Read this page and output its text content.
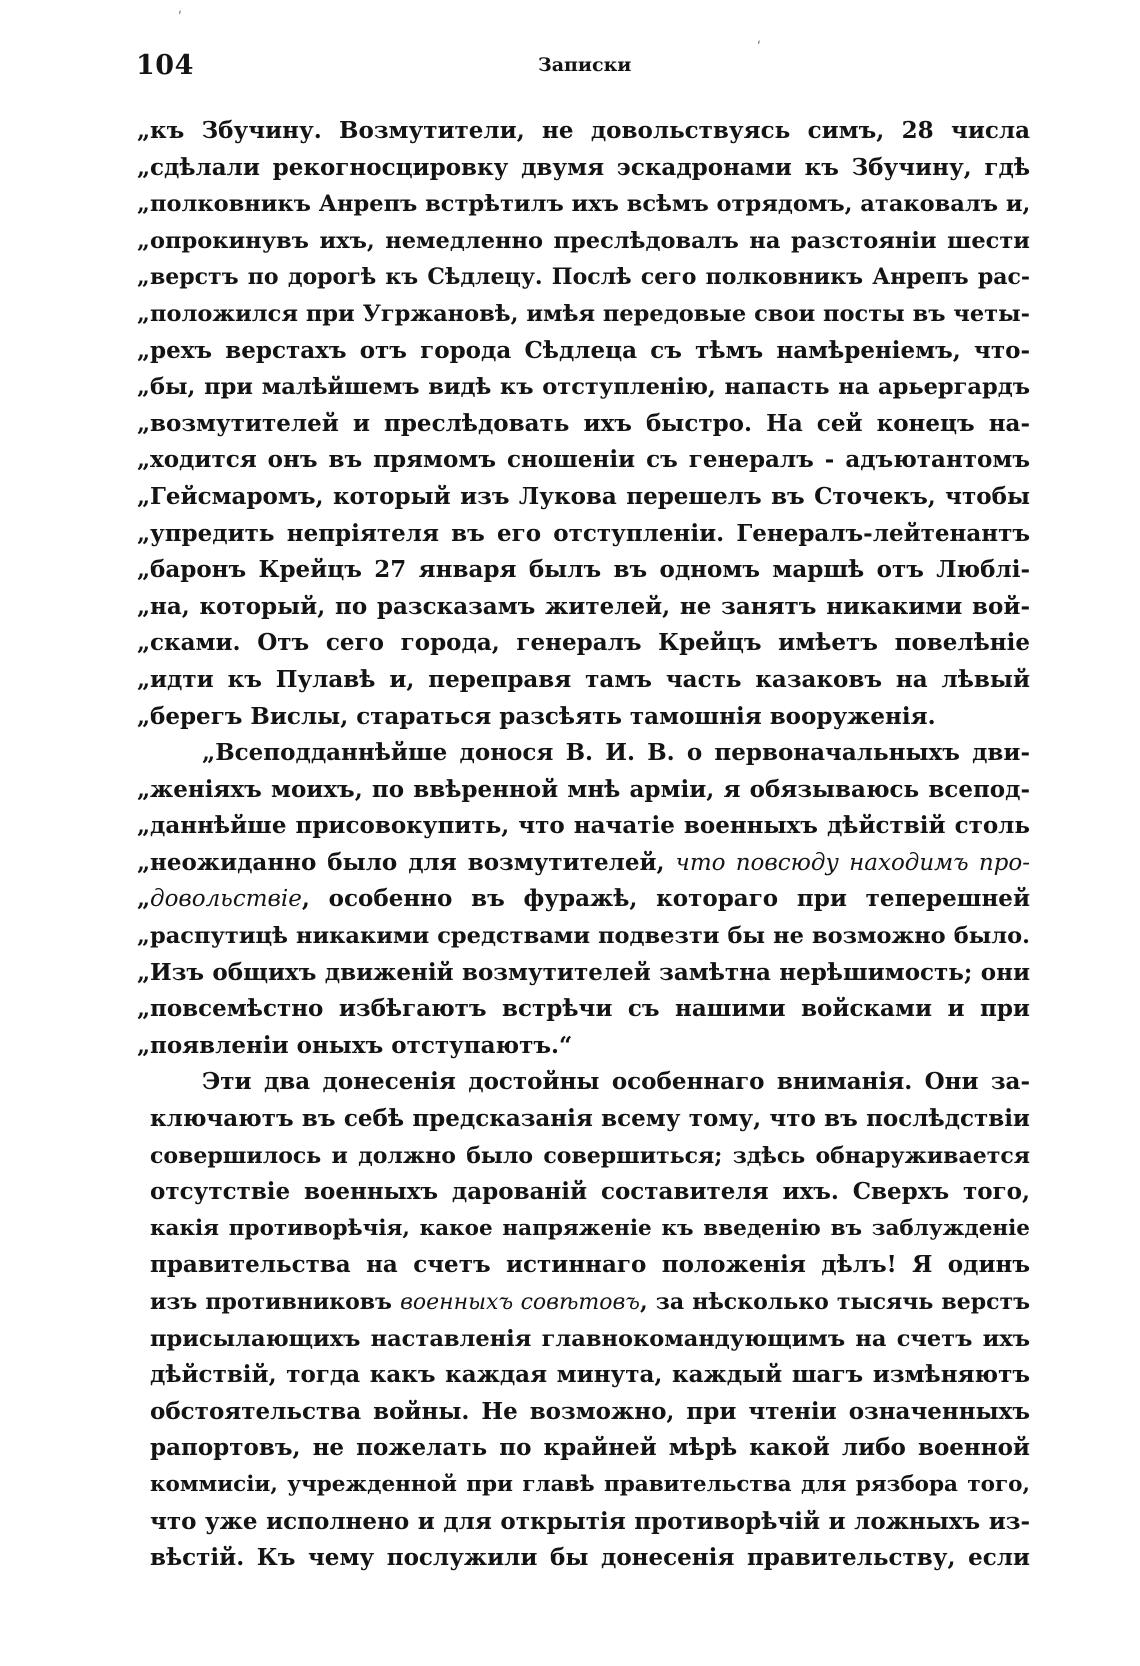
104	Записки
ʹ
ʹ
„къ Збучину. Возмутители, не довольствуясь симъ, 28 числа
„сдѣлали рекогносцировку двумя эскадронами къ Збучину, гдѣ
„полковникъ Анрепъ встрѣтилъ ихъ всѣмъ отрядомъ, атаковалъ и,
„опрокинувъ ихъ, немедленно преслѣдовалъ на разстояніи шести
„верстъ по дорогѣ къ Сѣдлецу. Послѣ сего полковникъ Анрепъ рас-
„положился при Угржановѣ, имѣя передовые свои посты въ четы-
„рехъ верстахъ отъ города Сѣдлеца съ тѣмъ намѣреніемъ, что-
„бы, при малѣйшемъ видѣ къ отступленію, напасть на арьергардъ
„возмутителей и преслѣдовать ихъ быстро. На сей конецъ на-
„ходится онъ въ прямомъ сношеніи съ генералъ - адъютантомъ
„Гейсмаромъ, который изъ Лукова перешелъ въ Сточекъ, чтобы
„упредить непріятеля въ его отступленіи. Генералъ-лейтенантъ
„баронъ Крейцъ 27 января былъ въ одномъ маршѣ отъ Люблі-
„на, который, по разсказамъ жителей, не занятъ никакими вой-
„сками. Отъ сего города, генералъ Крейцъ имѣетъ повелѣніе
„идти къ Пулавѣ и, переправя тамъ часть казаковъ на лѣвый
„берегъ Вислы, стараться разсѣять тамошнія вооруженія.
„Всеподданнѣйше донося В. И. В. о первоначальныхъ дви-
„женіяхъ моихъ, по ввѣренной мнѣ арміи, я обязываюсь всепод-
„даннѣйше присовокупить, что начатіе военныхъ дѣйствій столь
„неожиданно было для возмутителей, что повсюду находимъ про-
„довольствіе, особенно въ фуражѣ, котораго при теперешней
„распутицѣ никакими средствами подвезти бы не возможно было.
„Изъ общихъ движеній возмутителей замѣтна нерѣшимость; они
„повсемѣстно избѣгаютъ встрѣчи съ нашими войсками и при
„появленіи оныхъ отступаютъ.“
Эти два донесенія достойны особеннаго вниманія. Они за-
ключаютъ въ себѣ предсказанія всему тому, что въ послѣдствіи
совершилось и должно было совершиться; здѣсь обнаруживается
отсутствіе военныхъ дарованій составителя ихъ. Сверхъ того,
какія противорѣчія, какое напряженіе къ введенію въ заблужденіе
правительства на счетъ истиннаго положенія дѣлъ! Я одинъ
изъ противниковъ военныхъ совѣтовъ, за нѣсколько тысячь верстъ
присылающихъ наставленія главнокомандующимъ на счетъ ихъ
дѣйствій, тогда какъ каждая минута, каждый шагъ измѣняютъ
обстоятельства войны. Не возможно, при чтеніи означенныхъ
рапортовъ, не пожелать по крайней мѣрѣ какой либо военной
коммисіи, учрежденной при главѣ правительства для рязбора того,
что уже исполнено и для открытія противорѣчій и ложныхъ из-
вѣстій. Къ чему послужили бы донесенія правительству, если
